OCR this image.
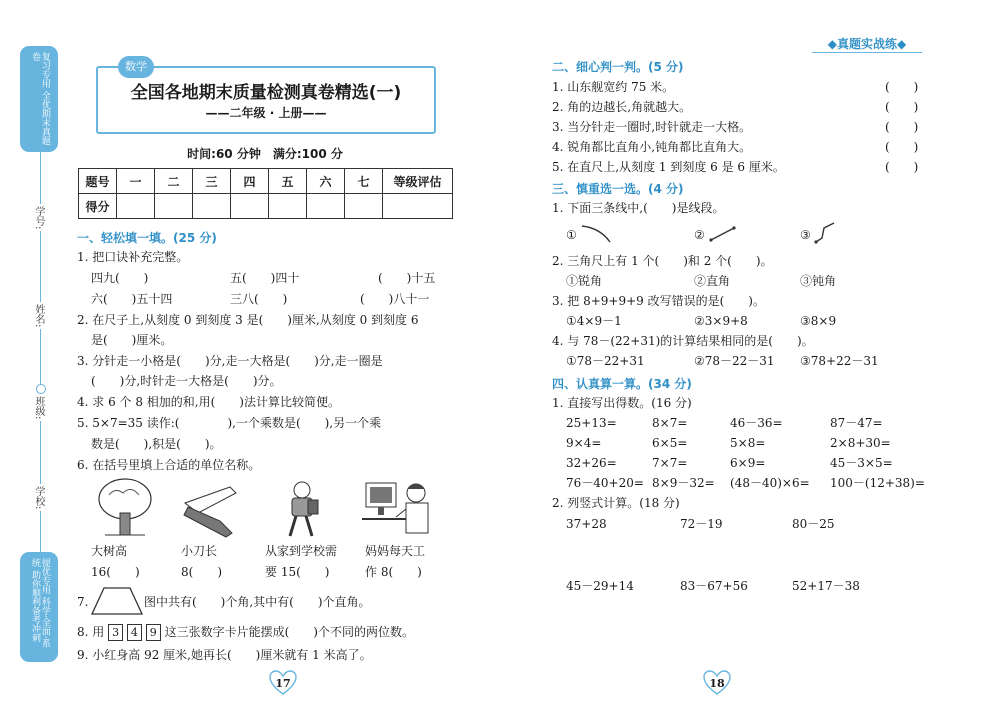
复习专用 全优期末真题卷
学号:
姓名:
班级:
学校:
提优专用 科学·全面·系统 助你顺利备考冲刺
数学
全国各地期末质量检测真卷精选(一)
——二年级 · 上册——
时间:60 分钟　满分:100 分
题号	一	二	三	四	五	六	七	等级评估
得分								
一、轻松填一填。(25 分)
1. 把口诀补充完整。
四九(　　)	五(　　)四十	(　　)十五
六(　　)五十四	三八(　　)	(　　)八十一
2. 在尺子上,从刻度 0 到刻度 3 是(　　)厘米,从刻度 0 到刻度 6
是(　　)厘米。
3. 分针走一小格是(　　)分,走一大格是(　　)分,走一圈是
(　　)分,时针走一大格是(　　)分。
4. 求 6 个 8 相加的和,用(　　)法计算比较简便。
5. 5×7=35 读作:(　　　　),一个乘数是(　　),另一个乘
数是(　　),积是(　　)。
6. 在括号里填上合适的单位名称。
大树高	小刀长	从家到学校需 妈妈每天工
16(　　)	8(　　)	要 15(　　)	作 8(　　)
7.	图中共有(　　)个角,其中有(　　)个直角。
8. 用 3 4 9 这三张数字卡片能摆成(　　)个不同的两位数。
9. 小红身高 92 厘米,她再长(　　)厘米就有 1 米高了。
17
◆真题实战练◆
二、细心判一判。(5 分)
1. 山东舰宽约 75 米。
2. 角的边越长,角就越大。
3. 当分针走一圈时,时针就走一大格。
4. 锐角都比直角小,钝角都比直角大。
5. 在直尺上,从刻度 1 到刻度 6 是 6 厘米。
(　　)
(　　)
(　　)
(　　)
(　　)
三、慎重选一选。(4 分)
1. 下面三条线中,(　　)是线段。
①	②	③
2. 三角尺上有 1 个(　　)和 2 个(　　)。
①锐角	②直角	③钝角
3. 把 8+9+9+9 改写错误的是(　　)。
①4×9－1	②3×9+8	③8×9
4. 与 78－(22+31)的计算结果相同的是(　　)。
①78－22+31	②78－22－31 ③78+22－31
四、认真算一算。(34 分)
1. 直接写出得数。(16 分)
25+13=	8×7=	46－36=	87－47=
9×4=	6×5=	5×8=	2×8+30=
32+26=	7×7=	6×9=	45－3×5=
76－40+20= 8×9－32= (48－40)×6= 100－(12+38)=
2. 列竖式计算。(18 分)
37+28	72－19	80－25
45－29+14	83－67+56	52+17－38
18
